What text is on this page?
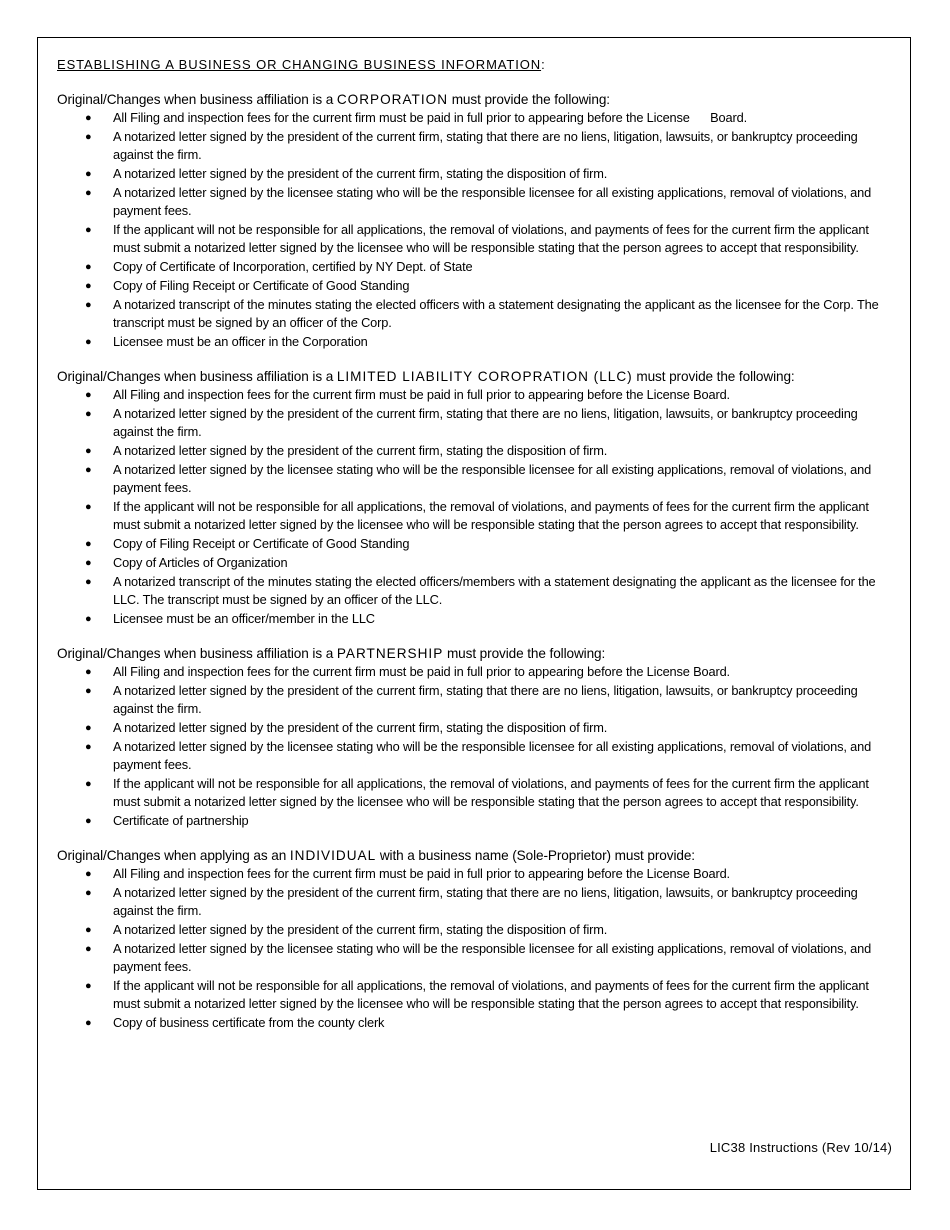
ESTABLISHING A BUSINESS OR CHANGING BUSINESS INFORMATION:

Original/Changes when business affiliation is a CORPORATION must provide the following:

● All Filing and inspection fees for the current firm must be paid in full prior to appearing before the License      Board.
● A notarized letter signed by the president of the current firm, stating that there are no liens, litigation, lawsuits, or bankruptcy proceeding against the firm.
● A notarized letter signed by the president of the current firm, stating the disposition of firm.
● A notarized letter signed by the licensee stating who will be the responsible licensee for all existing applications, removal of violations, and payment fees.
● If the applicant will not be responsible for all applications, the removal of violations, and payments of fees for the current firm the applicant must submit a notarized letter signed by the licensee who will be responsible stating that the person agrees to accept that responsibility.
● Copy of Certificate of Incorporation, certified by NY Dept. of State
● Copy of Filing Receipt or Certificate of Good Standing
● A notarized transcript of the minutes stating the elected officers with a statement designating the applicant as the licensee for the Corp. The transcript must be signed by an officer of the Corp.
● Licensee must be an officer in the Corporation

Original/Changes when business affiliation is a LIMITED LIABILITY COROPRATION (LLC) must provide the following:

● All Filing and inspection fees for the current firm must be paid in full prior to appearing before the License Board.
● A notarized letter signed by the president of the current firm, stating that there are no liens, litigation, lawsuits, or bankruptcy proceeding against the firm.
● A notarized letter signed by the president of the current firm, stating the disposition of firm.
● A notarized letter signed by the licensee stating who will be the responsible licensee for all existing applications, removal of violations, and payment fees.
● If the applicant will not be responsible for all applications, the removal of violations, and payments of fees for the current firm the applicant must submit a notarized letter signed by the licensee who will be responsible stating that the person agrees to accept that responsibility.
● Copy of Filing Receipt or Certificate of Good Standing
● Copy of Articles of Organization
● A notarized transcript of the minutes stating the elected officers/members with a statement designating the applicant as the licensee for the LLC. The transcript must be signed by an officer of the LLC.
● Licensee must be an officer/member in the LLC

Original/Changes when business affiliation is a PARTNERSHIP must provide the following:

● All Filing and inspection fees for the current firm must be paid in full prior to appearing before the License Board.
● A notarized letter signed by the president of the current firm, stating that there are no liens, litigation, lawsuits, or bankruptcy proceeding against the firm.
● A notarized letter signed by the president of the current firm, stating the disposition of firm.
● A notarized letter signed by the licensee stating who will be the responsible licensee for all existing applications, removal of violations, and payment fees.
● If the applicant will not be responsible for all applications, the removal of violations, and payments of fees for the current firm the applicant must submit a notarized letter signed by the licensee who will be responsible stating that the person agrees to accept that responsibility.
● Certificate of partnership

Original/Changes when applying as an INDIVIDUAL with a business name (Sole-Proprietor) must provide:

● All Filing and inspection fees for the current firm must be paid in full prior to appearing before the License Board.
● A notarized letter signed by the president of the current firm, stating that there are no liens, litigation, lawsuits, or bankruptcy proceeding against the firm.
● A notarized letter signed by the president of the current firm, stating the disposition of firm.
● A notarized letter signed by the licensee stating who will be the responsible licensee for all existing applications, removal of violations, and payment fees.
● If the applicant will not be responsible for all applications, the removal of violations, and payments of fees for the current firm the applicant must submit a notarized letter signed by the licensee who will be responsible stating that the person agrees to accept that responsibility.
● Copy of business certificate from the county clerk
LIC38 Instructions (Rev 10/14)
